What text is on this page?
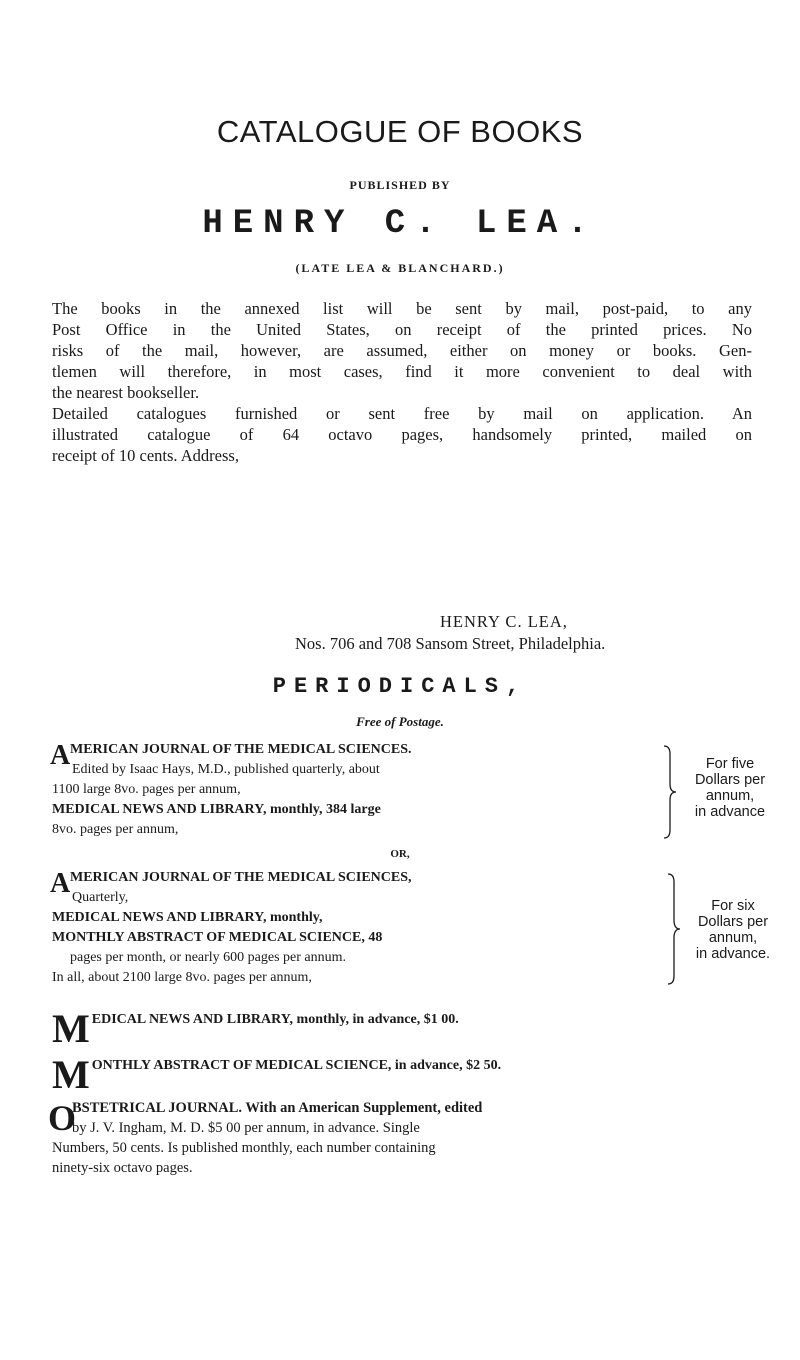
CATALOGUE OF BOOKS
PUBLISHED BY
HENRY C. LEA.
(LATE LEA & BLANCHARD.)
The books in the annexed list will be sent by mail, post-paid, to any
Post Office in the United States, on receipt of the printed prices. No
risks of the mail, however, are assumed, either on money or books. Gen-
tlemen will therefore, in most cases, find it more convenient to deal with
the nearest bookseller.
Detailed catalogues furnished or sent free by mail on application. An
illustrated catalogue of 64 octavo pages, handsomely printed, mailed on
receipt of 10 cents. Address,
HENRY C. LEA,
Nos. 706 and 708 Sansom Street, Philadelphia.
PERIODICALS,
Free of Postage.
A MERICAN JOURNAL OF THE MEDICAL SCIENCES.
Edited by Isaac Hays, M.D., published quarterly, about
1100 large 8vo. pages per annum,
MEDICAL NEWS AND LIBRARY, monthly, 384 large
8vo. pages per annum,
For five
Dollars per
annum,
in advance
OR,
A MERICAN JOURNAL OF THE MEDICAL SCIENCES,
Quarterly,
MEDICAL NEWS AND LIBRARY, monthly,
MONTHLY ABSTRACT OF MEDICAL SCIENCE, 48
pages per month, or nearly 600 pages per annum.
In all, about 2100 large 8vo. pages per annum,
For six
Dollars per
annum,
in advance.
M EDICAL NEWS AND LIBRARY, monthly, in advance, $1 00.
M ONTHLY ABSTRACT OF MEDICAL SCIENCE, in advance, $2 50.
O
BSTETRICAL JOURNAL. With an American Supplement, edited
by J. V. Ingham, M. D. $5 00 per annum, in advance. Single
Numbers, 50 cents. Is published monthly, each number containing
ninety-six octavo pages.
